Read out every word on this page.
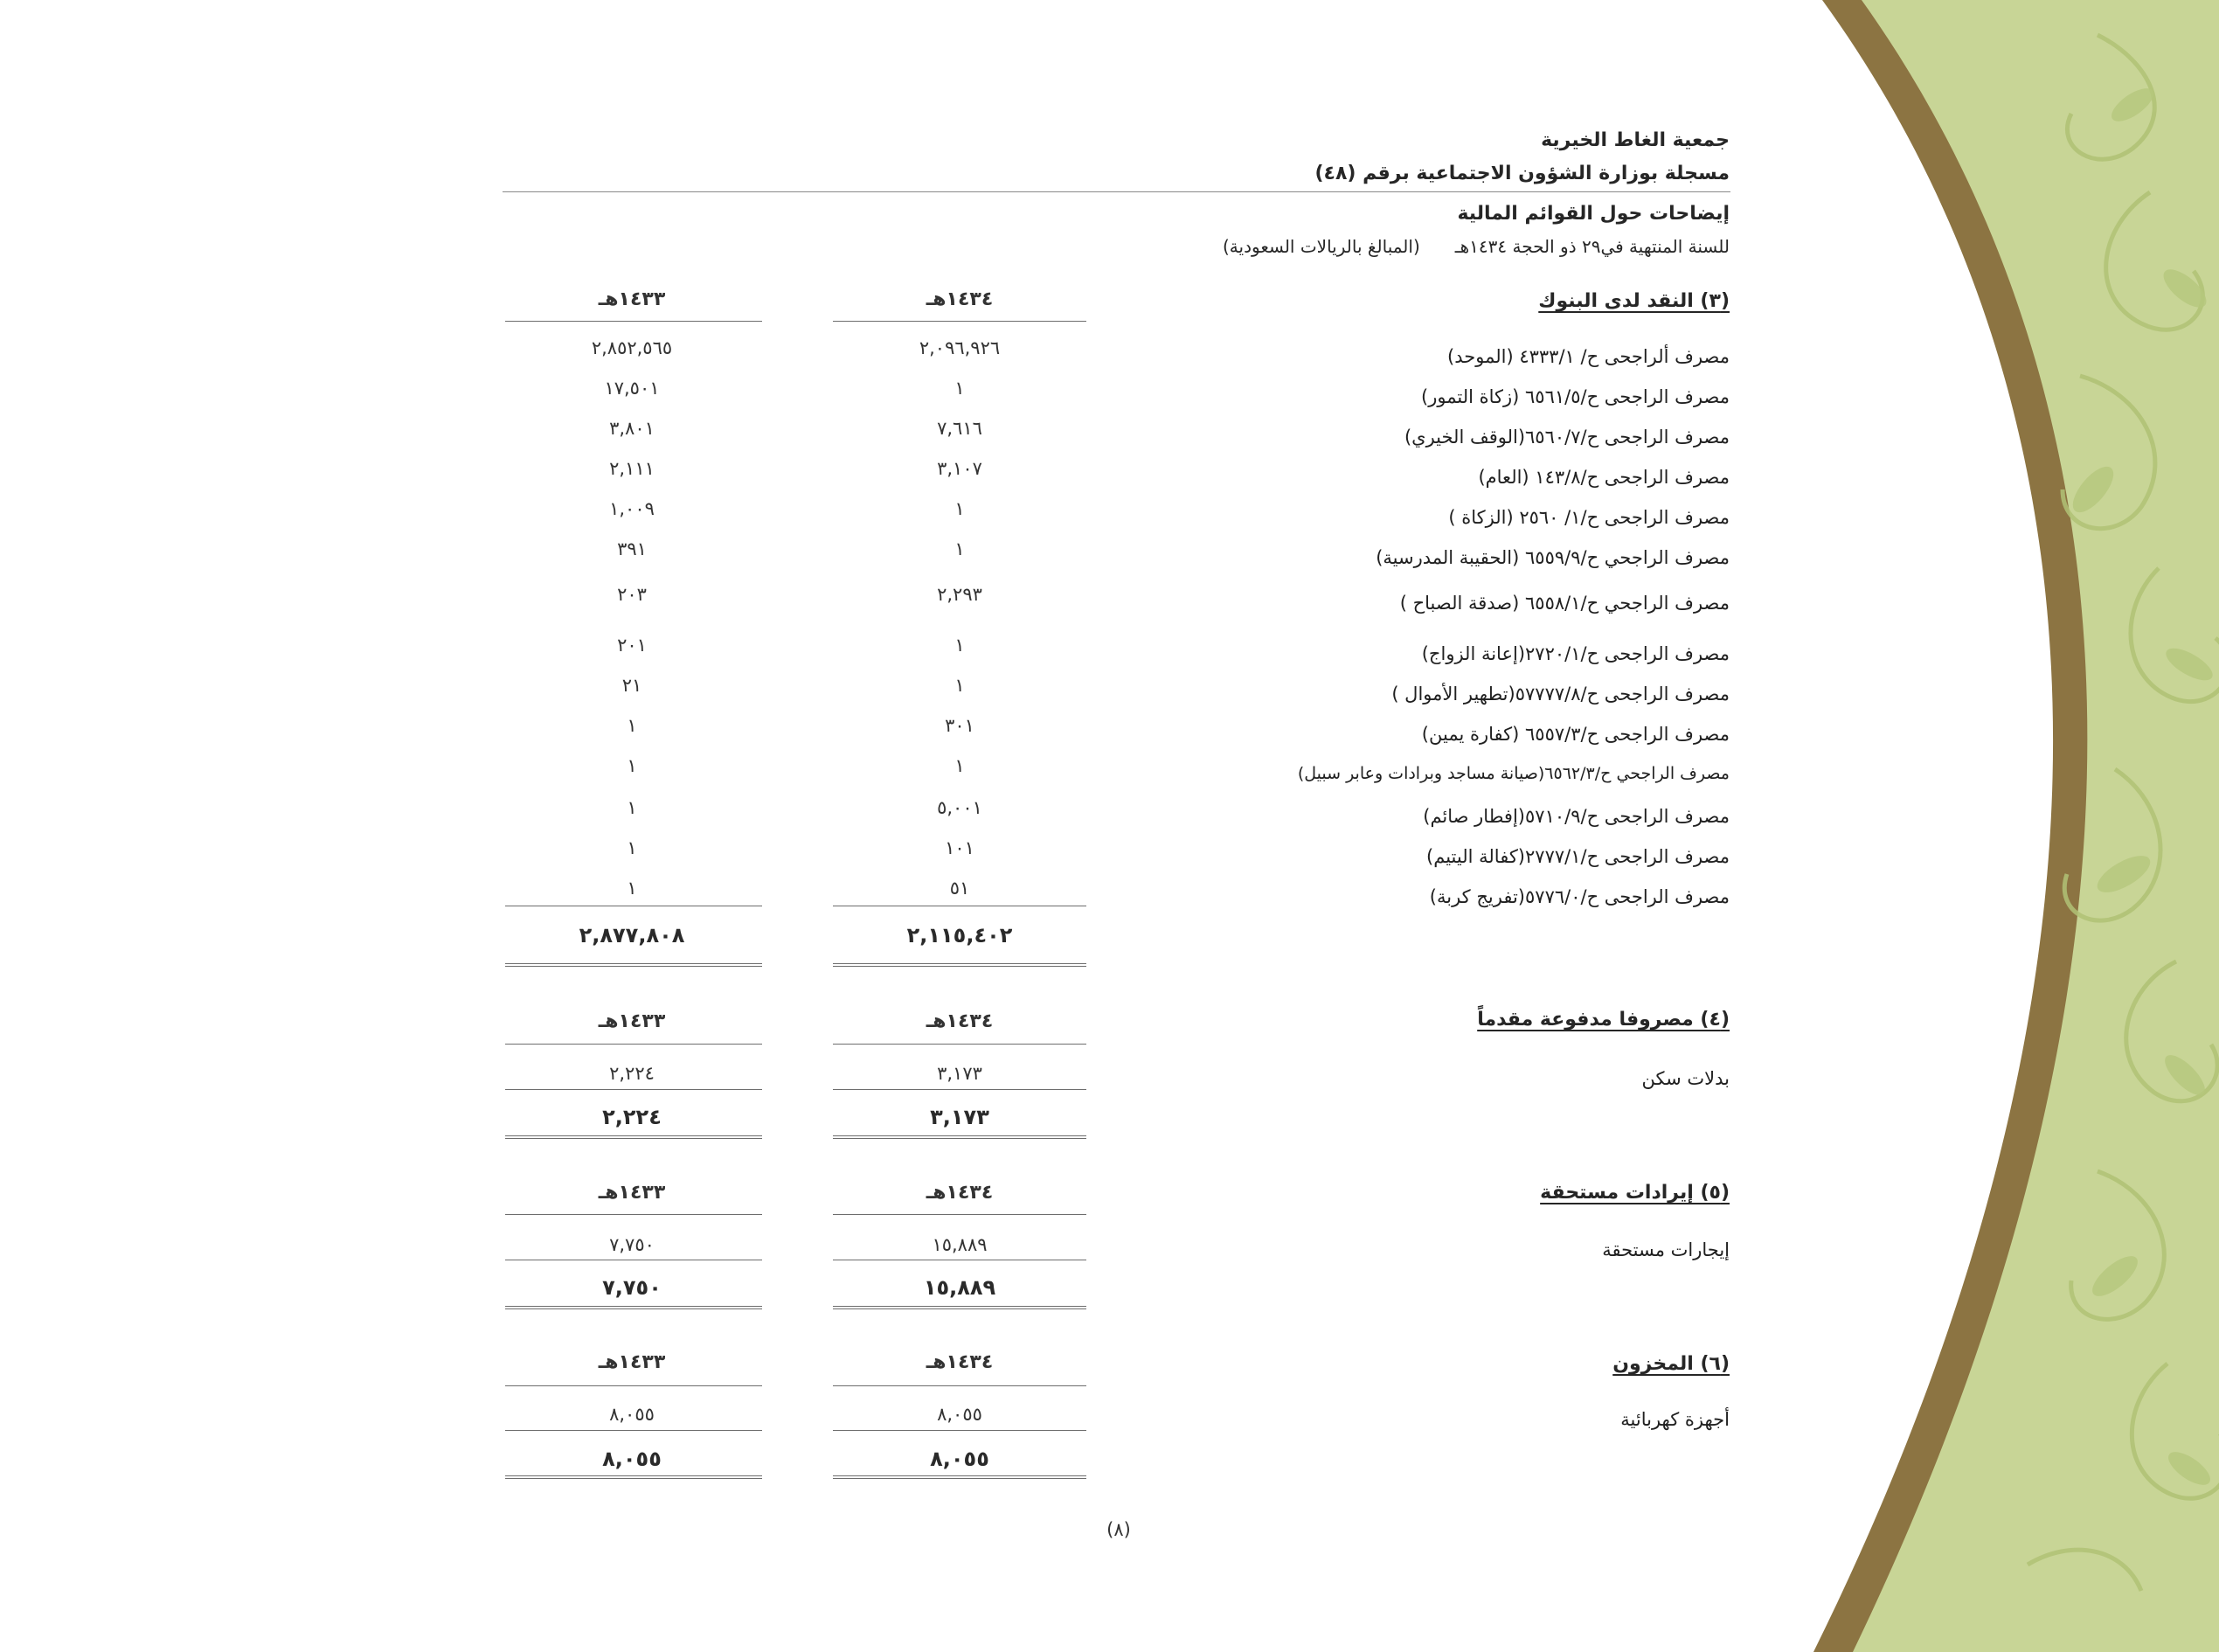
جمعية الغاط الخيرية
مسجلة بوزارة الشؤون الاجتماعية برقم (٤٨)
إيضاحات حول القوائم المالية
للسنة المنتهية في٢٩ ذو الحجة ١٤٣٤هـ(المبالغ بالريالات السعودية)
(٣) النقد لدى البنوك
١٤٣٤هـ
١٤٣٣هـ
مصرف ألراجحى ح/ ٤٣٣٣/١ (الموحد)
٢,٠٩٦,٩٢٦
٢,٨٥٢,٥٦٥
مصرف الراجحى ح/٦٥٦١/٥ (زكاة التمور)
١
١٧,٥٠١
مصرف الراجحى ح/٦٥٦٠/٧(الوقف الخيري)
٧,٦١٦
٣,٨٠١
مصرف الراجحى ح/١٤٣/٨ (العام)
٣,١٠٧
٢,١١١
مصرف الراجحى ح/١/ ٢٥٦٠ (الزكاة )
١
١,٠٠٩
مصرف الراجحي ح/٦٥٥٩/٩ (الحقيبة المدرسية)
١
٣٩١
مصرف الراجحي ح/٦٥٥٨/١ (صدقة الصباح )
٢,٢٩٣
٢٠٣
مصرف الراجحى ح/٢٧٢٠/١(إعانة الزواج)
١
٢٠١
مصرف الراجحى ح/٥٧٧٧٧/٨(تطهير الأموال )
١
٢١
مصرف الراجحى ح/٦٥٥٧/٣ (كفارة يمين)
٣٠١
١
مصرف الراجحي ح/٦٥٦٢/٣(صيانة مساجد وبرادات وعابر سبيل)
١
١
مصرف الراجحى ح/٥٧١٠/٩(إفطار صائم)
٥,٠٠١
١
مصرف الراجحى ح/٢٧٧٧/١(كفالة اليتيم)
١٠١
١
مصرف الراجحى ح/٥٧٧٦/٠(تفريج كربة)
٥١
١
٢,١١٥,٤٠٢
٢,٨٧٧,٨٠٨
(٤) مصروفا مدفوعة مقدماً
١٤٣٤هـ
١٤٣٣هـ
بدلات سكن
٣,١٧٣
٢,٢٢٤
٣,١٧٣
٢,٢٢٤
(٥) إيرادات مستحقة
١٤٣٤هـ
١٤٣٣هـ
إيجارات مستحقة
١٥,٨٨٩
٧,٧٥٠
١٥,٨٨٩
٧,٧٥٠
(٦) المخزون
١٤٣٤هـ
١٤٣٣هـ
أجهزة كهربائية
٨,٠٥٥
٨,٠٥٥
٨,٠٥٥
٨,٠٥٥
(٨)
